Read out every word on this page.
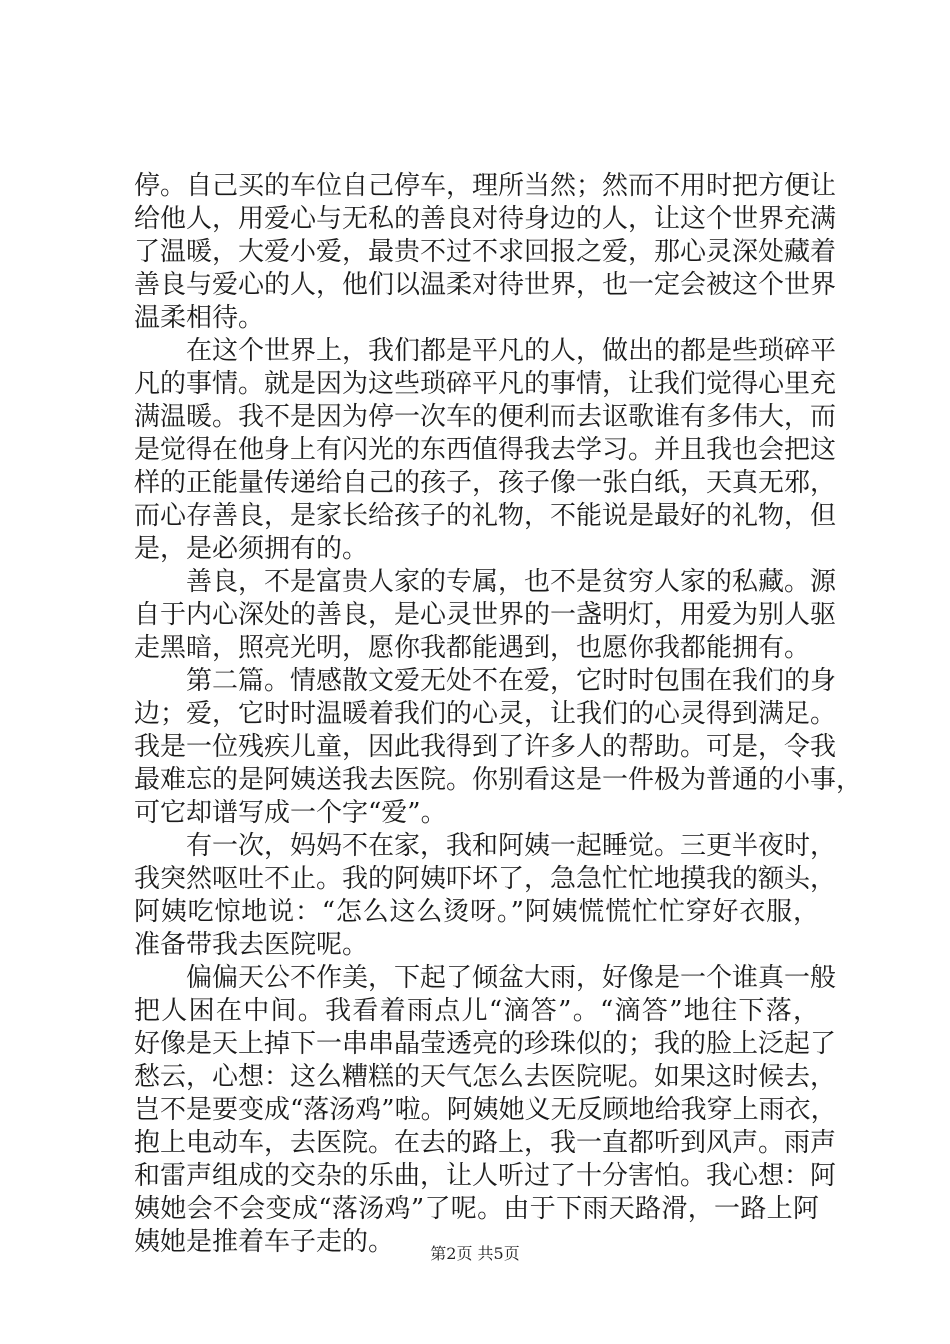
停。自己买的车位自己停车，理所当然；然而不用时把方便让
给他人，用爱心与无私的善良对待身边的人，让这个世界充满
了温暖，大爱小爱，最贵不过不求回报之爱，那心灵深处藏着
善良与爱心的人，他们以温柔对待世界，也一定会被这个世界
温柔相待。
　　在这个世界上，我们都是平凡的人，做出的都是些琐碎平
凡的事情。就是因为这些琐碎平凡的事情，让我们觉得心里充
满温暖。我不是因为停一次车的便利而去讴歌谁有多伟大，而
是觉得在他身上有闪光的东西值得我去学习。并且我也会把这
样的正能量传递给自己的孩子，孩子像一张白纸，天真无邪，
而心存善良，是家长给孩子的礼物，不能说是最好的礼物，但
是，是必须拥有的。
　　善良，不是富贵人家的专属，也不是贫穷人家的私藏。源
自于内心深处的善良，是心灵世界的一盏明灯，用爱为别人驱
走黑暗，照亮光明，愿你我都能遇到，也愿你我都能拥有。
　　第二篇。情感散文爱无处不在爱，它时时包围在我们的身
边；爱，它时时温暖着我们的心灵，让我们的心灵得到满足。
我是一位残疾儿童，因此我得到了许多人的帮助。可是，令我
最难忘的是阿姨送我去医院。你别看这是一件极为普通的小事，
可它却谱写成一个字“爱”。
　　有一次，妈妈不在家，我和阿姨一起睡觉。三更半夜时，
我突然呕吐不止。我的阿姨吓坏了，急急忙忙地摸我的额头，
阿姨吃惊地说：“怎么这么烫呀。”阿姨慌慌忙忙穿好衣服，
准备带我去医院呢。
　　偏偏天公不作美，下起了倾盆大雨，好像是一个谁真一般
把人困在中间。我看着雨点儿“滴答”。“滴答”地往下落，
好像是天上掉下一串串晶莹透亮的珍珠似的；我的脸上泛起了
愁云，心想：这么糟糕的天气怎么去医院呢。如果这时候去，
岂不是要变成“落汤鸡”啦。阿姨她义无反顾地给我穿上雨衣，
抱上电动车，去医院。在去的路上，我一直都听到风声。雨声
和雷声组成的交杂的乐曲，让人听过了十分害怕。我心想：阿
姨她会不会变成“落汤鸡”了呢。由于下雨天路滑，一路上阿
姨她是推着车子走的。	第2页 共5页
